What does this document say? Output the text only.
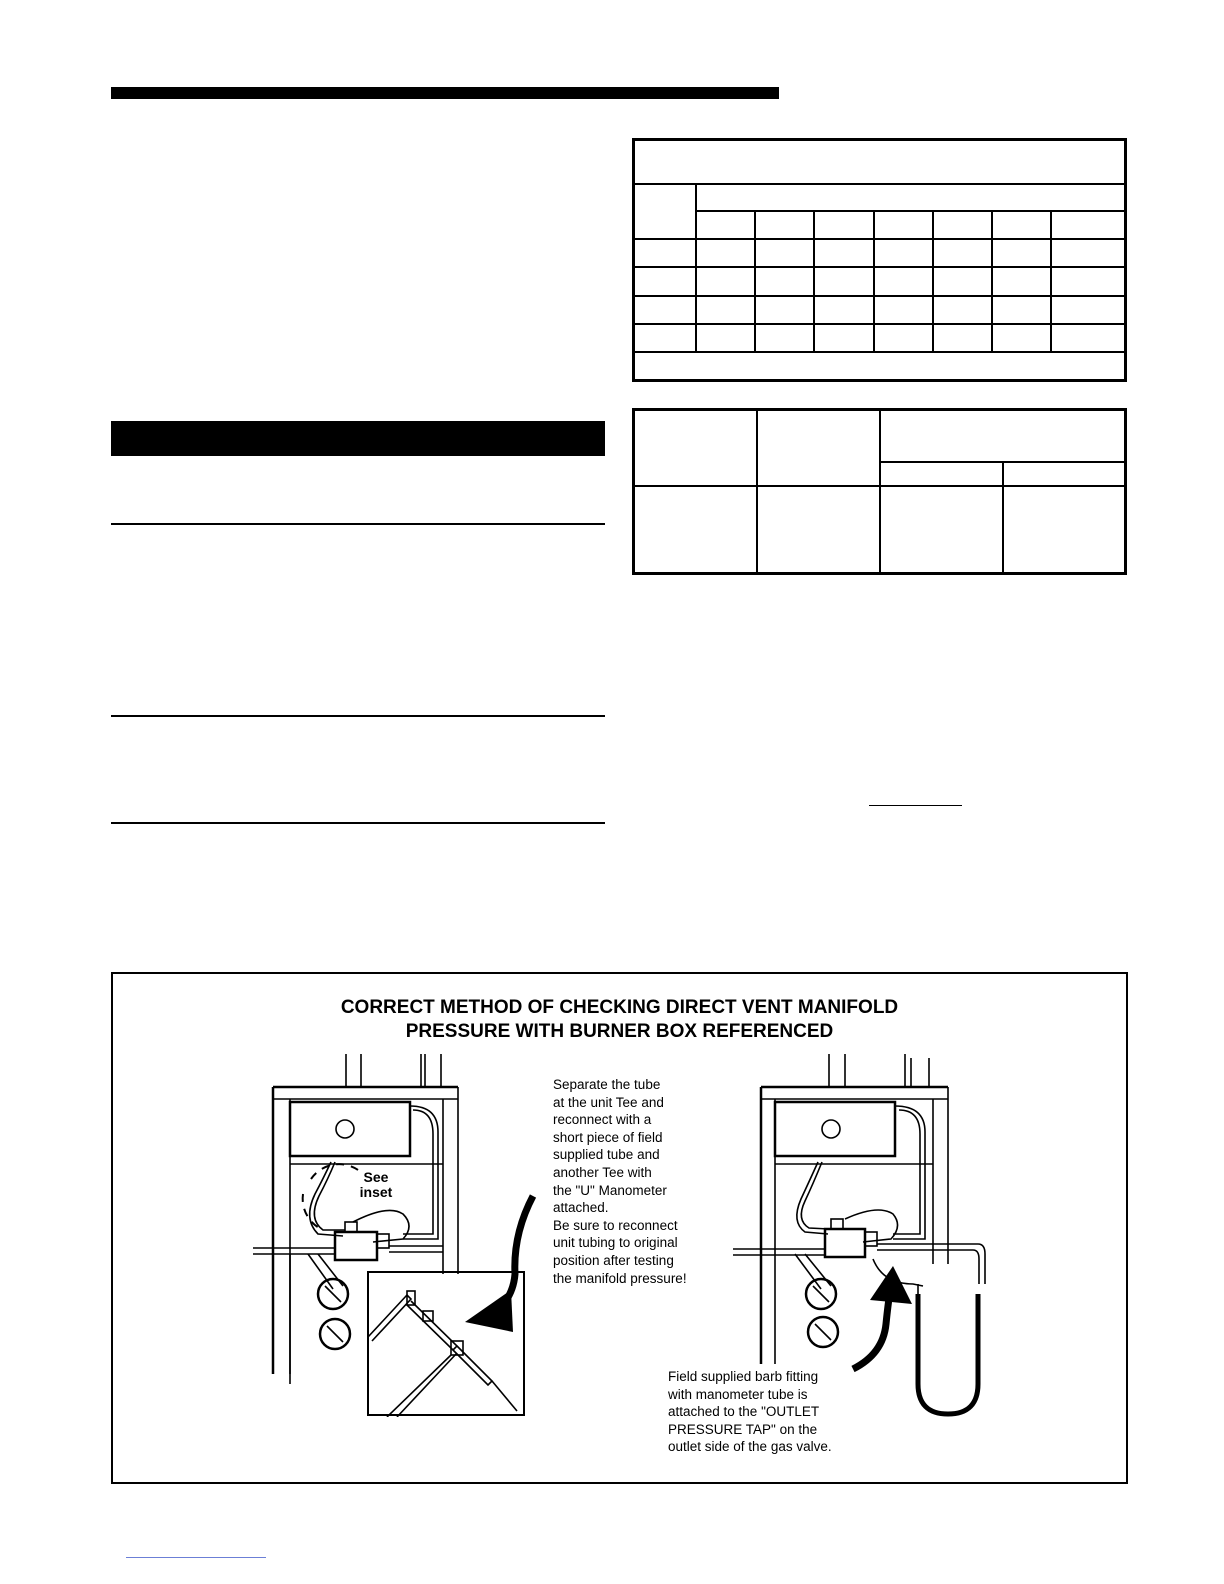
CORRECT METHOD OF CHECKING DIRECT VENT MANIFOLD
PRESSURE WITH BURNER BOX REFERENCED
See
inset
Separate the tube
at the unit Tee and
reconnect with a
short piece of field
supplied tube and
another Tee with
the "U" Manometer
attached.
Be sure to reconnect
unit tubing to original
position after testing
the manifold pressure!
Field supplied barb fitting
with manometer tube is
attached to the "OUTLET
PRESSURE TAP" on the
outlet side of the gas valve.
